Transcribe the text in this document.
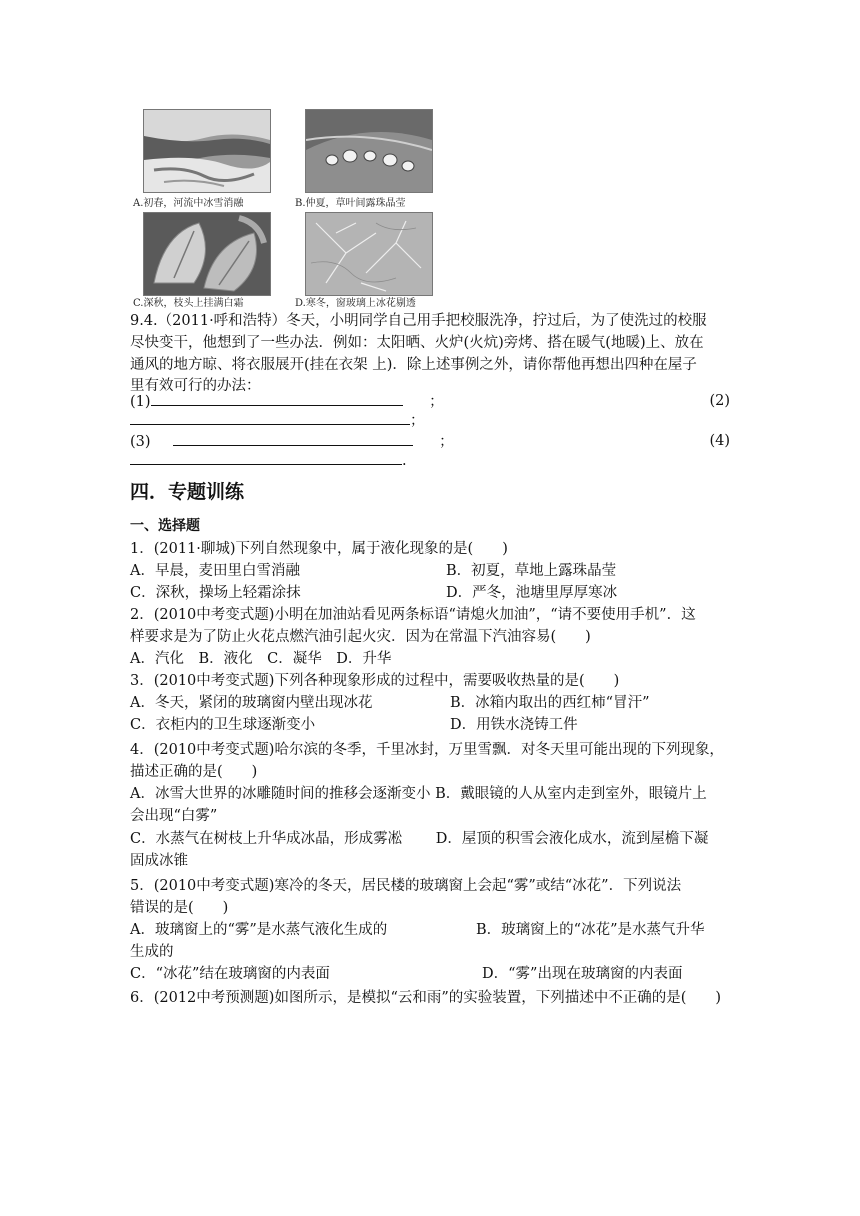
A.初春，河流中冰雪消融	B.仲夏，草叶间露珠晶莹
C.深秋，枝头上挂满白霜	D.寒冬，窗玻璃上冰花剔透
9.4.（2011·呼和浩特）冬天，小明同学自己用手把校服洗净，拧过后，为了使洗过的校服
尽快变干，他想到了一些办法．例如：太阳晒、火炉(火炕)旁烤、搭在暖气(地暖)上、放在
通风的地方晾、将衣服展开(挂在衣架 上)．除上述事例之外，请你帮他再想出四种在屋子
里有效可行的办法：
(1)	；	(2)
；
(3)	；	(4)
.
四．专题训练
一、选择题
1．(2011·聊城)下列自然现象中，属于液化现象的是(　　)
A．早晨，麦田里白雪消融	B．初夏，草地上露珠晶莹
C．深秋，操场上轻霜涂抹	D．严冬，池塘里厚厚寒冰
2．(2010中考变式题)小明在加油站看见两条标语“请熄火加油”，“请不要使用手机”．这
样要求是为了防止火花点燃汽油引起火灾．因为在常温下汽油容易(　　)
A．汽化　B．液化　C．凝华　D．升华
3．(2010中考变式题)下列各种现象形成的过程中，需要吸收热量的是(　　)
A．冬天，紧闭的玻璃窗内壁出现冰花	B．冰箱内取出的西红柿“冒汗”
C．衣柜内的卫生球逐渐变小	D．用铁水浇铸工件
4．(2010中考变式题)哈尔滨的冬季，千里冰封，万里雪飘．对冬天里可能出现的下列现象，
描述正确的是(　　)
A．冰雪大世界的冰雕随时间的推移会逐渐变小 B．戴眼镜的人从室内走到室外，眼镜片上
会出现“白雾”
C．水蒸气在树枝上升华成冰晶，形成雾凇　　 D．屋顶的积雪会液化成水，流到屋檐下凝
固成冰锥
5．(2010中考变式题)寒冷的冬天，居民楼的玻璃窗上会起“雾”或结“冰花”．下列说法
错误的是(　　)
A．玻璃窗上的“雾”是水蒸气液化生成的	B．玻璃窗上的“冰花”是水蒸气升华
生成的
C．“冰花”结在玻璃窗的内表面	D．“雾”出现在玻璃窗的内表面
6．(2012中考预测题)如图所示，是模拟“云和雨”的实验装置，下列描述中不正确的是(　　)
